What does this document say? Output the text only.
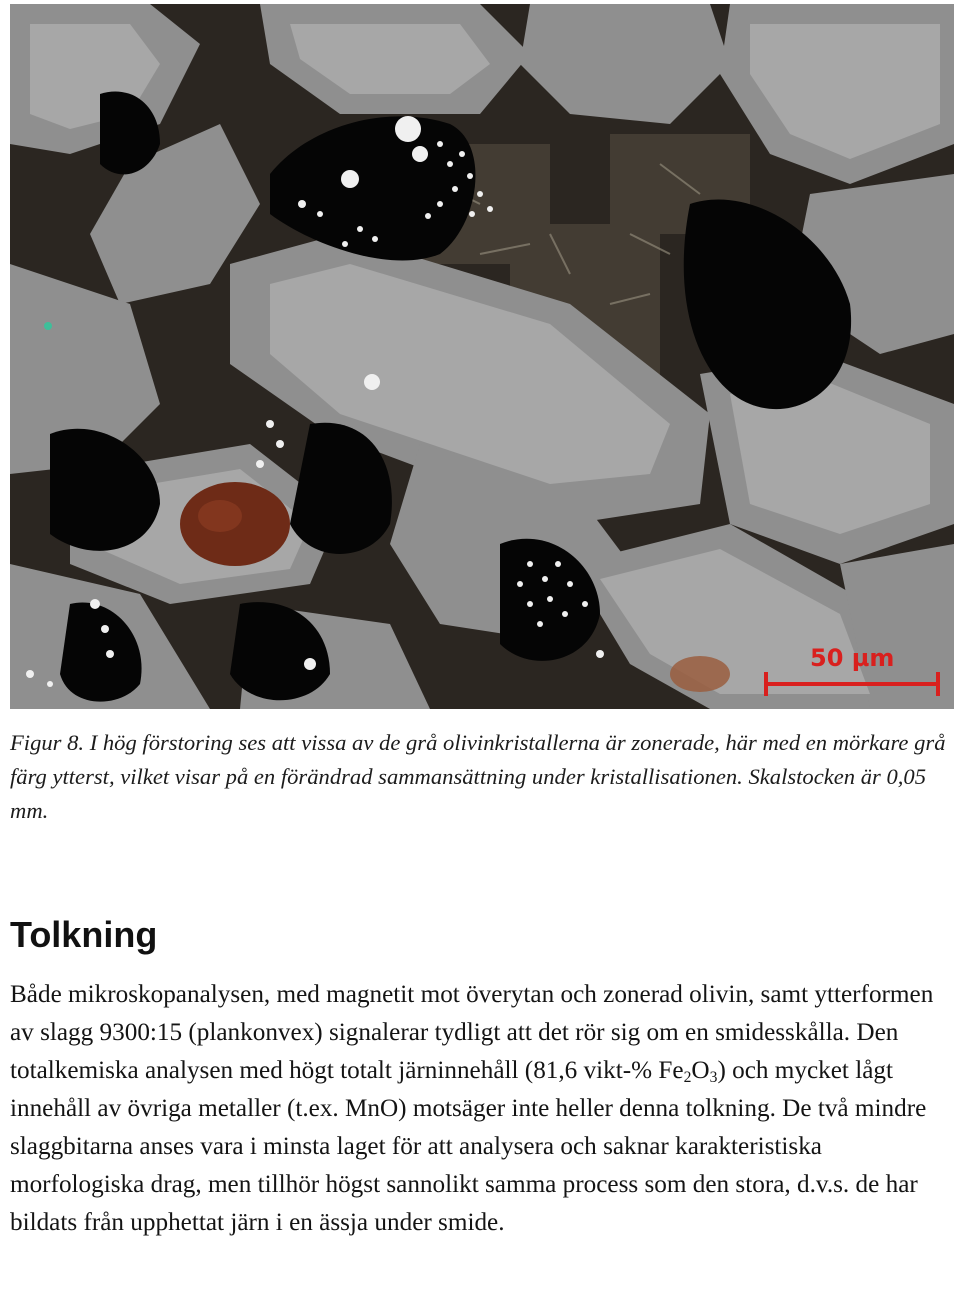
50 µm

Figur 8. I hög förstoring ses att vissa av de grå olivinkristallerna är zonerade, här med en mörkare grå färg ytterst, vilket visar på en förändrad sammansättning under kristallisationen. Skalstocken är 0,05 mm.

Tolkning

Både mikroskopanalysen, med magnetit mot överytan och zonerad olivin, samt ytterformen av slagg 9300:15 (plankonvex) signalerar tydligt att det rör sig om en smidesskålla. Den totalkemiska analysen med högt totalt järninnehåll (81,6 vikt-% $Fe_2O_3$) och mycket lågt innehåll av övriga metaller (t.ex. MnO) motsäger inte heller denna tolkning. De två mindre slaggbitarna anses vara i minsta laget för att analysera och saknar karakteristiska morfologiska drag, men tillhör högst sannolikt samma process som den stora, d.v.s. de har bildats från upphettat järn i en ässja under smide.
